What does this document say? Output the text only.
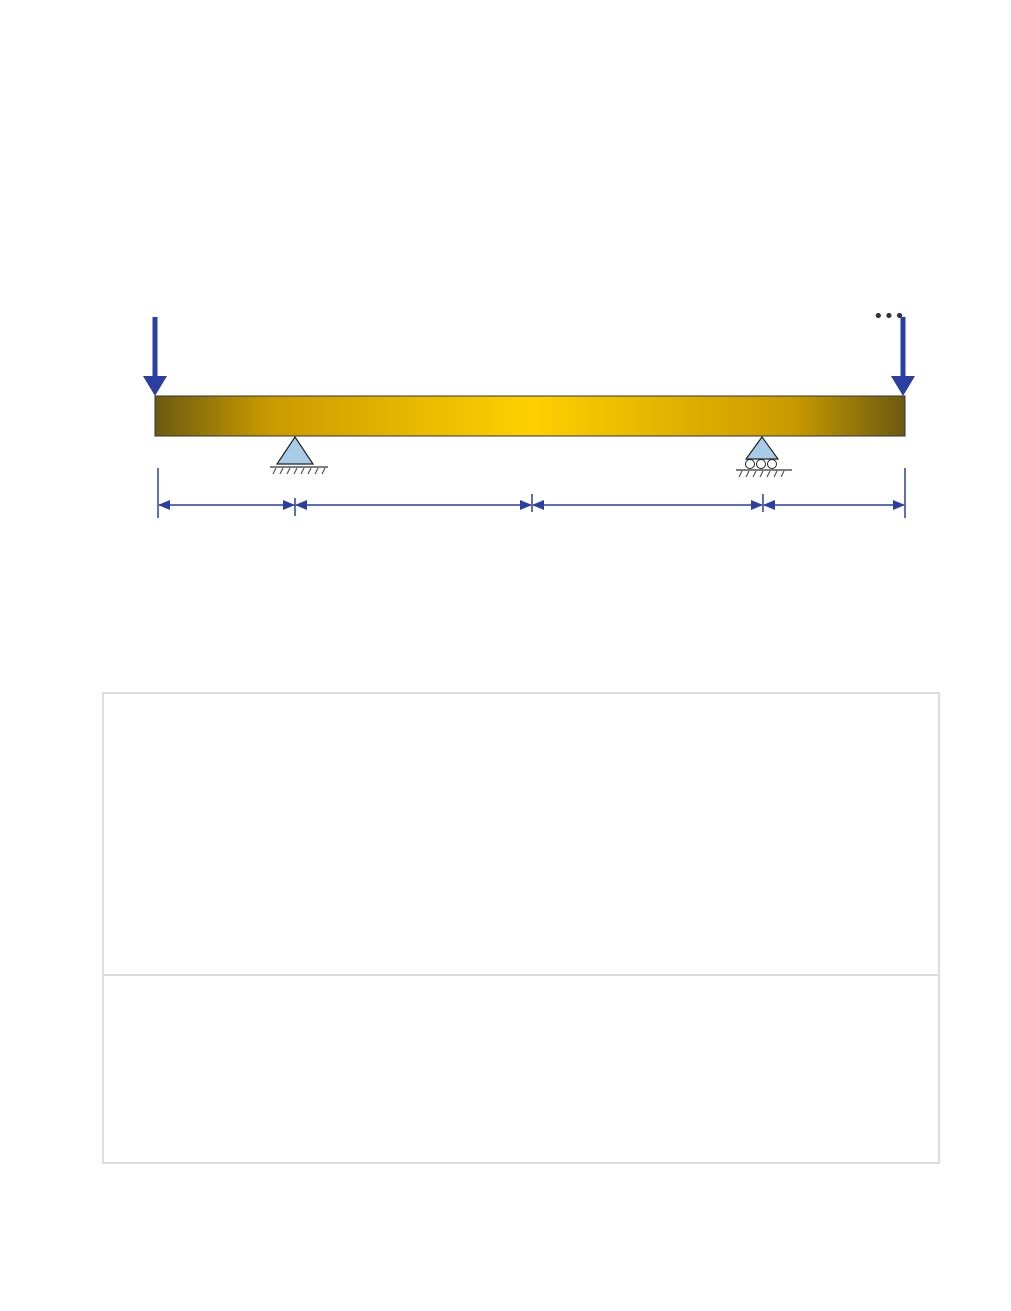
•••
